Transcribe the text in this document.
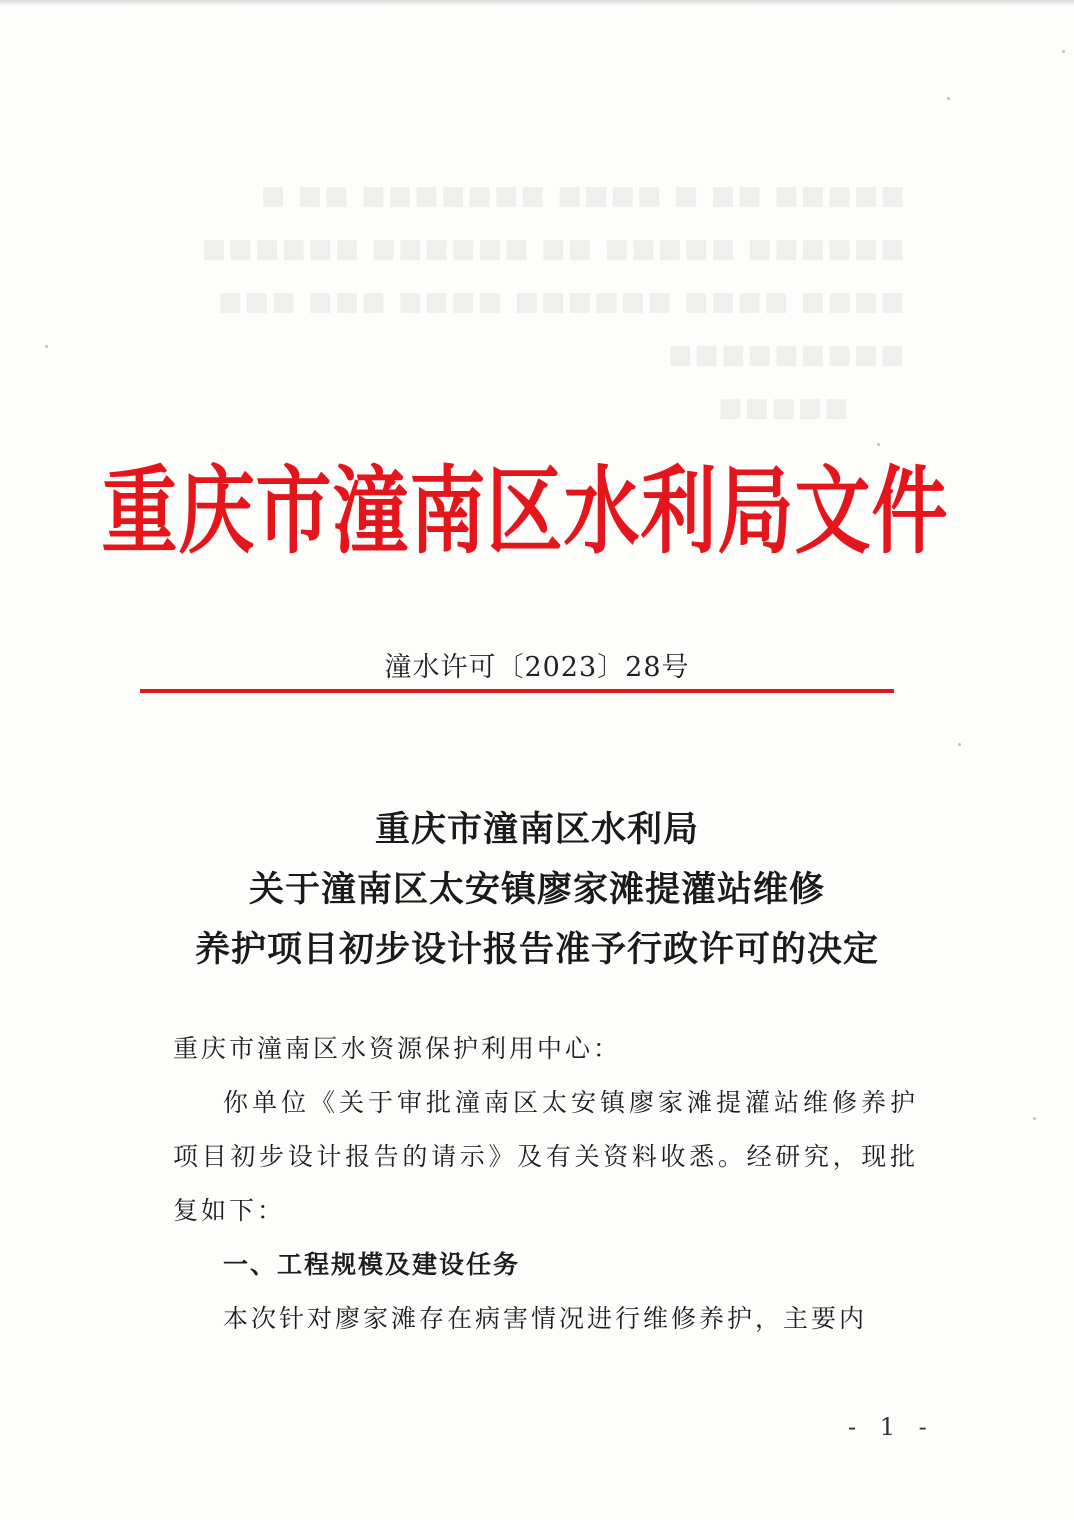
■■■■■ ■■ ■ ■■■■ ■■■■■■■ ■■ ■
■■■■■■ ■■■■■ ■■ ■■■■■■ ■■■■■■
■■■■ ■■■■ ■■■■■■ ■■■■ ■■■ ■■■
■■■■■■■■■
　　■■■■■
重庆市潼南区水利局文件
潼水许可〔2023〕28号
重庆市潼南区水利局
关于潼南区太安镇廖家滩提灌站维修
养护项目初步设计报告准予行政许可的决定

重庆市潼南区水资源保护利用中心：

你单位《关于审批潼南区太安镇廖家滩提灌站维修养护项目初步设计报告的请示》及有关资料收悉。经研究，现批复如下：

一、工程规模及建设任务

本次针对廖家滩存在病害情况进行维修养护，主要内

- 1 -
